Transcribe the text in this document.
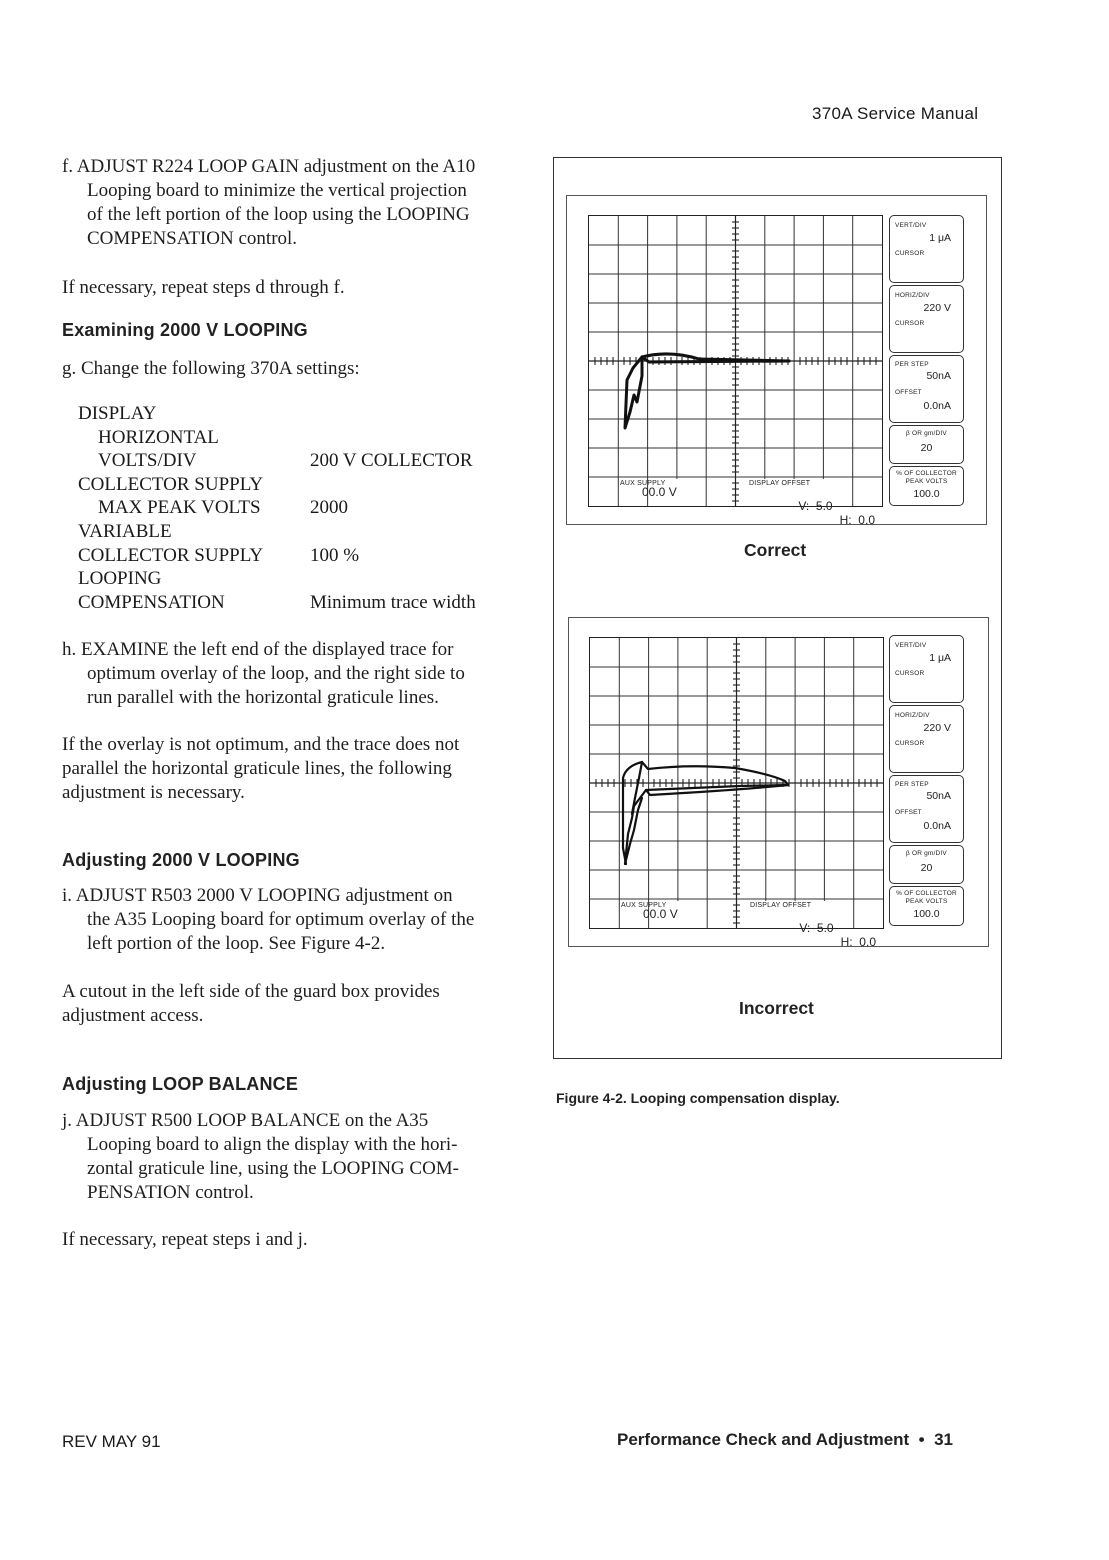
370A Service Manual
f. ADJUST R224 LOOP GAIN adjustment on the A10
Looping board to minimize the vertical projection
of the left portion of the loop using the LOOPING
COMPENSATION control.
If necessary, repeat steps d through f.
Examining 2000 V LOOPING
g. Change the following 370A settings:
DISPLAY
HORIZONTAL
VOLTS/DIV	200 V COLLECTOR
COLLECTOR SUPPLY
MAX PEAK VOLTS	2000
VARIABLE
COLLECTOR SUPPLY	100 %
LOOPING
COMPENSATION	Minimum trace width
h. EXAMINE the left end of the displayed trace for
optimum overlay of the loop, and the right side to
run parallel with the horizontal graticule lines.
If the overlay is not optimum, and the trace does not
parallel the horizontal graticule lines, the following
adjustment is necessary.
Adjusting 2000 V LOOPING
i. ADJUST R503 2000 V LOOPING adjustment on
the A35 Looping board for optimum overlay of the
left portion of the loop. See Figure 4-2.
A cutout in the left side of the guard box provides
adjustment access.
Adjusting LOOP BALANCE
j. ADJUST R500 LOOP BALANCE on the A35
Looping board to align the display with the hori-
zontal graticule line, using the LOOPING COM-
PENSATION control.
If necessary, repeat steps i and j.
AUX SUPPLY
00.0 V
DISPLAY OFFSET

V:  5.0

H:  0.0

VERT/DIV
1 μA
CURSOR
HORIZ/DIV
220 V
CURSOR
PER STEP
50nA
OFFSET
0.0nA
β OR gm/DIV
20
% OF COLLECTOR
PEAK VOLTS
100.0
Correct
AUX SUPPLY
00.0 V
DISPLAY OFFSET

V:  5.0

H:  0.0

VERT/DIV
1 μA
CURSOR
HORIZ/DIV
220 V
CURSOR
PER STEP
50nA
OFFSET
0.0nA
β OR gm/DIV
20
% OF COLLECTOR
PEAK VOLTS
100.0
Incorrect
Figure 4-2. Looping compensation display.
REV MAY 91	Performance Check and Adjustment  •  31
